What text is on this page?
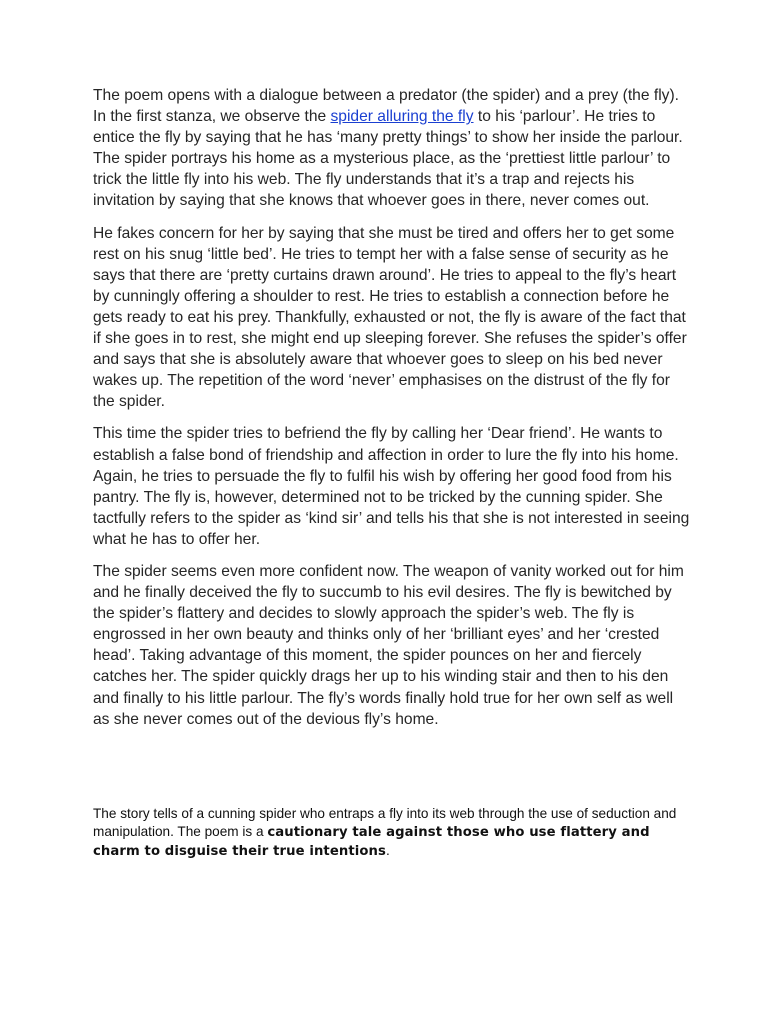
The poem opens with a dialogue between a predator (the spider) and a prey (the fly). In the first stanza, we observe the spider alluring the fly to his ‘parlour’. He tries to entice the fly by saying that he has ‘many pretty things’ to show her inside the parlour. The spider portrays his home as a mysterious place, as the ‘prettiest little parlour’ to trick the little fly into his web. The fly understands that it’s a trap and rejects his invitation by saying that she knows that whoever goes in there, never comes out.

He fakes concern for her by saying that she must be tired and offers her to get some rest on his snug ‘little bed’. He tries to tempt her with a false sense of security as he says that there are ‘pretty curtains drawn around’. He tries to appeal to the fly’s heart by cunningly offering a shoulder to rest. He tries to establish a connection before he gets ready to eat his prey. Thankfully, exhausted or not, the fly is aware of the fact that if she goes in to rest, she might end up sleeping forever. She refuses the spider’s offer and says that she is absolutely aware that whoever goes to sleep on his bed never wakes up. The repetition of the word ‘never’ emphasises on the distrust of the fly for the spider.

This time the spider tries to befriend the fly by calling her ‘Dear friend’. He wants to establish a false bond of friendship and affection in order to lure the fly into his home. Again, he tries to persuade the fly to fulfil his wish by offering her good food from his pantry. The fly is, however, determined not to be tricked by the cunning spider. She tactfully refers to the spider as ‘kind sir’ and tells his that she is not interested in seeing what he has to offer her.

The spider seems even more confident now. The weapon of vanity worked out for him and he finally deceived the fly to succumb to his evil desires. The fly is bewitched by the spider’s flattery and decides to slowly approach the spider’s web. The fly is engrossed in her own beauty and thinks only of her ‘brilliant eyes’ and her ‘crested head’. Taking advantage of this moment, the spider pounces on her and fiercely catches her. The spider quickly drags her up to his winding stair and then to his den and finally to his little parlour. The fly’s words finally hold true for her own self as well as she never comes out of the devious fly’s home.

The story tells of a cunning spider who entraps a fly into its web through the use of seduction and manipulation. The poem is a cautionary tale against those who use flattery and charm to disguise their true intentions.
